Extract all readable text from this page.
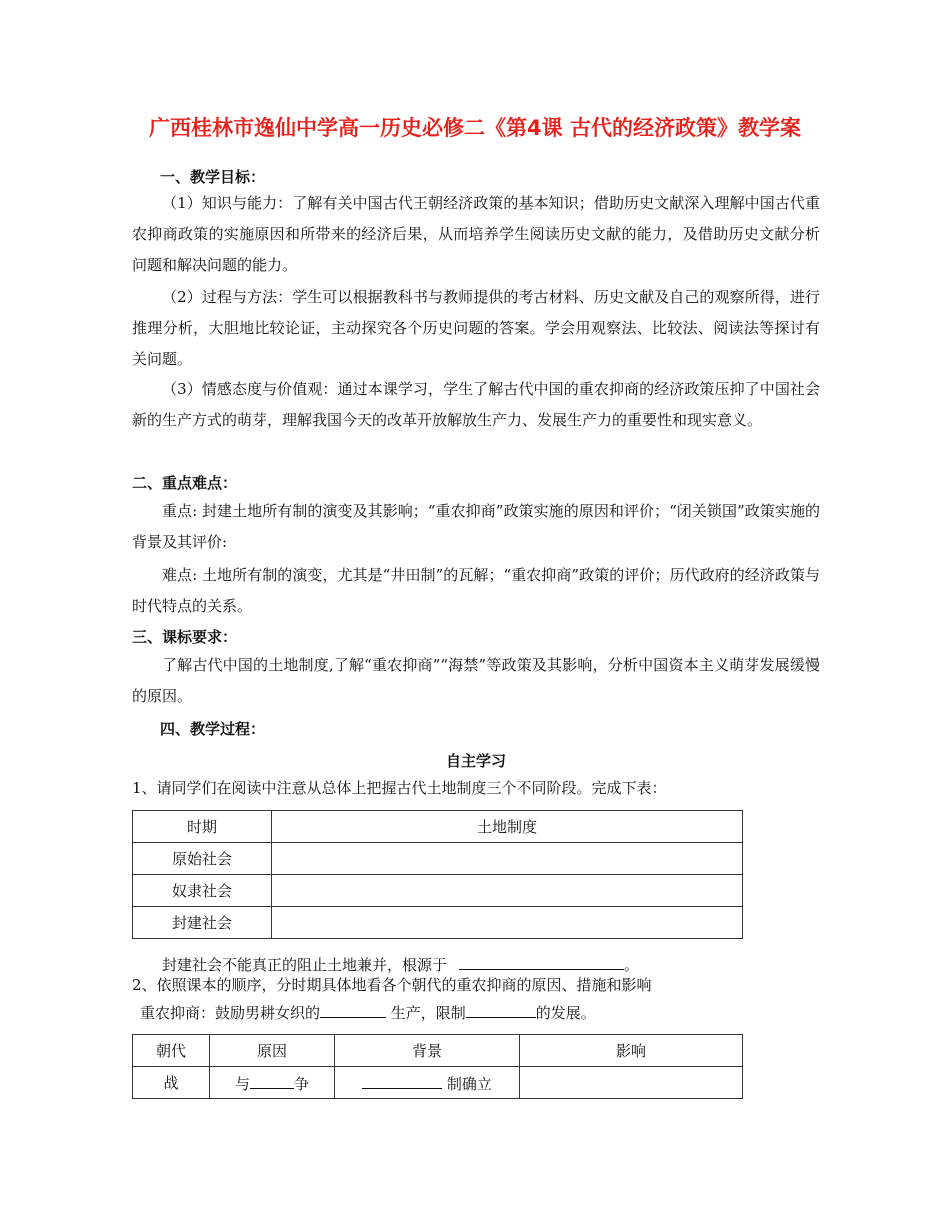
广西桂林市逸仙中学高一历史必修二《第4课 古代的经济政策》教学案
一、教学目标：

（1）知识与能力：了解有关中国古代王朝经济政策的基本知识；借助历史文献深入理解中国古代重农抑商政策的实施原因和所带来的经济后果，从而培养学生阅读历史文献的能力，及借助历史文献分析问题和解决问题的能力。

（2）过程与方法：学生可以根据教科书与教师提供的考古材料、历史文献及自己的观察所得，进行推理分析，大胆地比较论证，主动探究各个历史问题的答案。学会用观察法、比较法、阅读法等探讨有关问题。

（3）情感态度与价值观：通过本课学习，学生了解古代中国的重农抑商的经济政策压抑了中国社会新的生产方式的萌芽，理解我国今天的改革开放解放生产力、发展生产力的重要性和现实意义。

二、重点难点：

重点: 封建土地所有制的演变及其影响；“重农抑商”政策实施的原因和评价；“闭关锁国”政策实施的背景及其评价:

难点: 土地所有制的演变，尤其是“井田制”的瓦解；“重农抑商”政策的评价；历代政府的经济政策与时代特点的关系。

三、课标要求：

了解古代中国的土地制度,了解“重农抑商”“海禁”等政策及其影响，分析中国资本主义萌芽发展缓慢的原因。

四、教学过程：
自主学习

1、请同学们在阅读中注意从总体上把握古代土地制度三个不同阶段。完成下表：

时期	土地制度
原始社会	
奴隶社会	
封建社会	

封建社会不能真正的阻止土地兼并，根源于	。

2、依照课本的顺序，分时期具体地看各个朝代的重农抑商的原因、措施和影响

重农抑商：鼓励男耕女织的	生产，限制	的发展。

朝代	原因	背景	影响
战	与 争	制确立	
